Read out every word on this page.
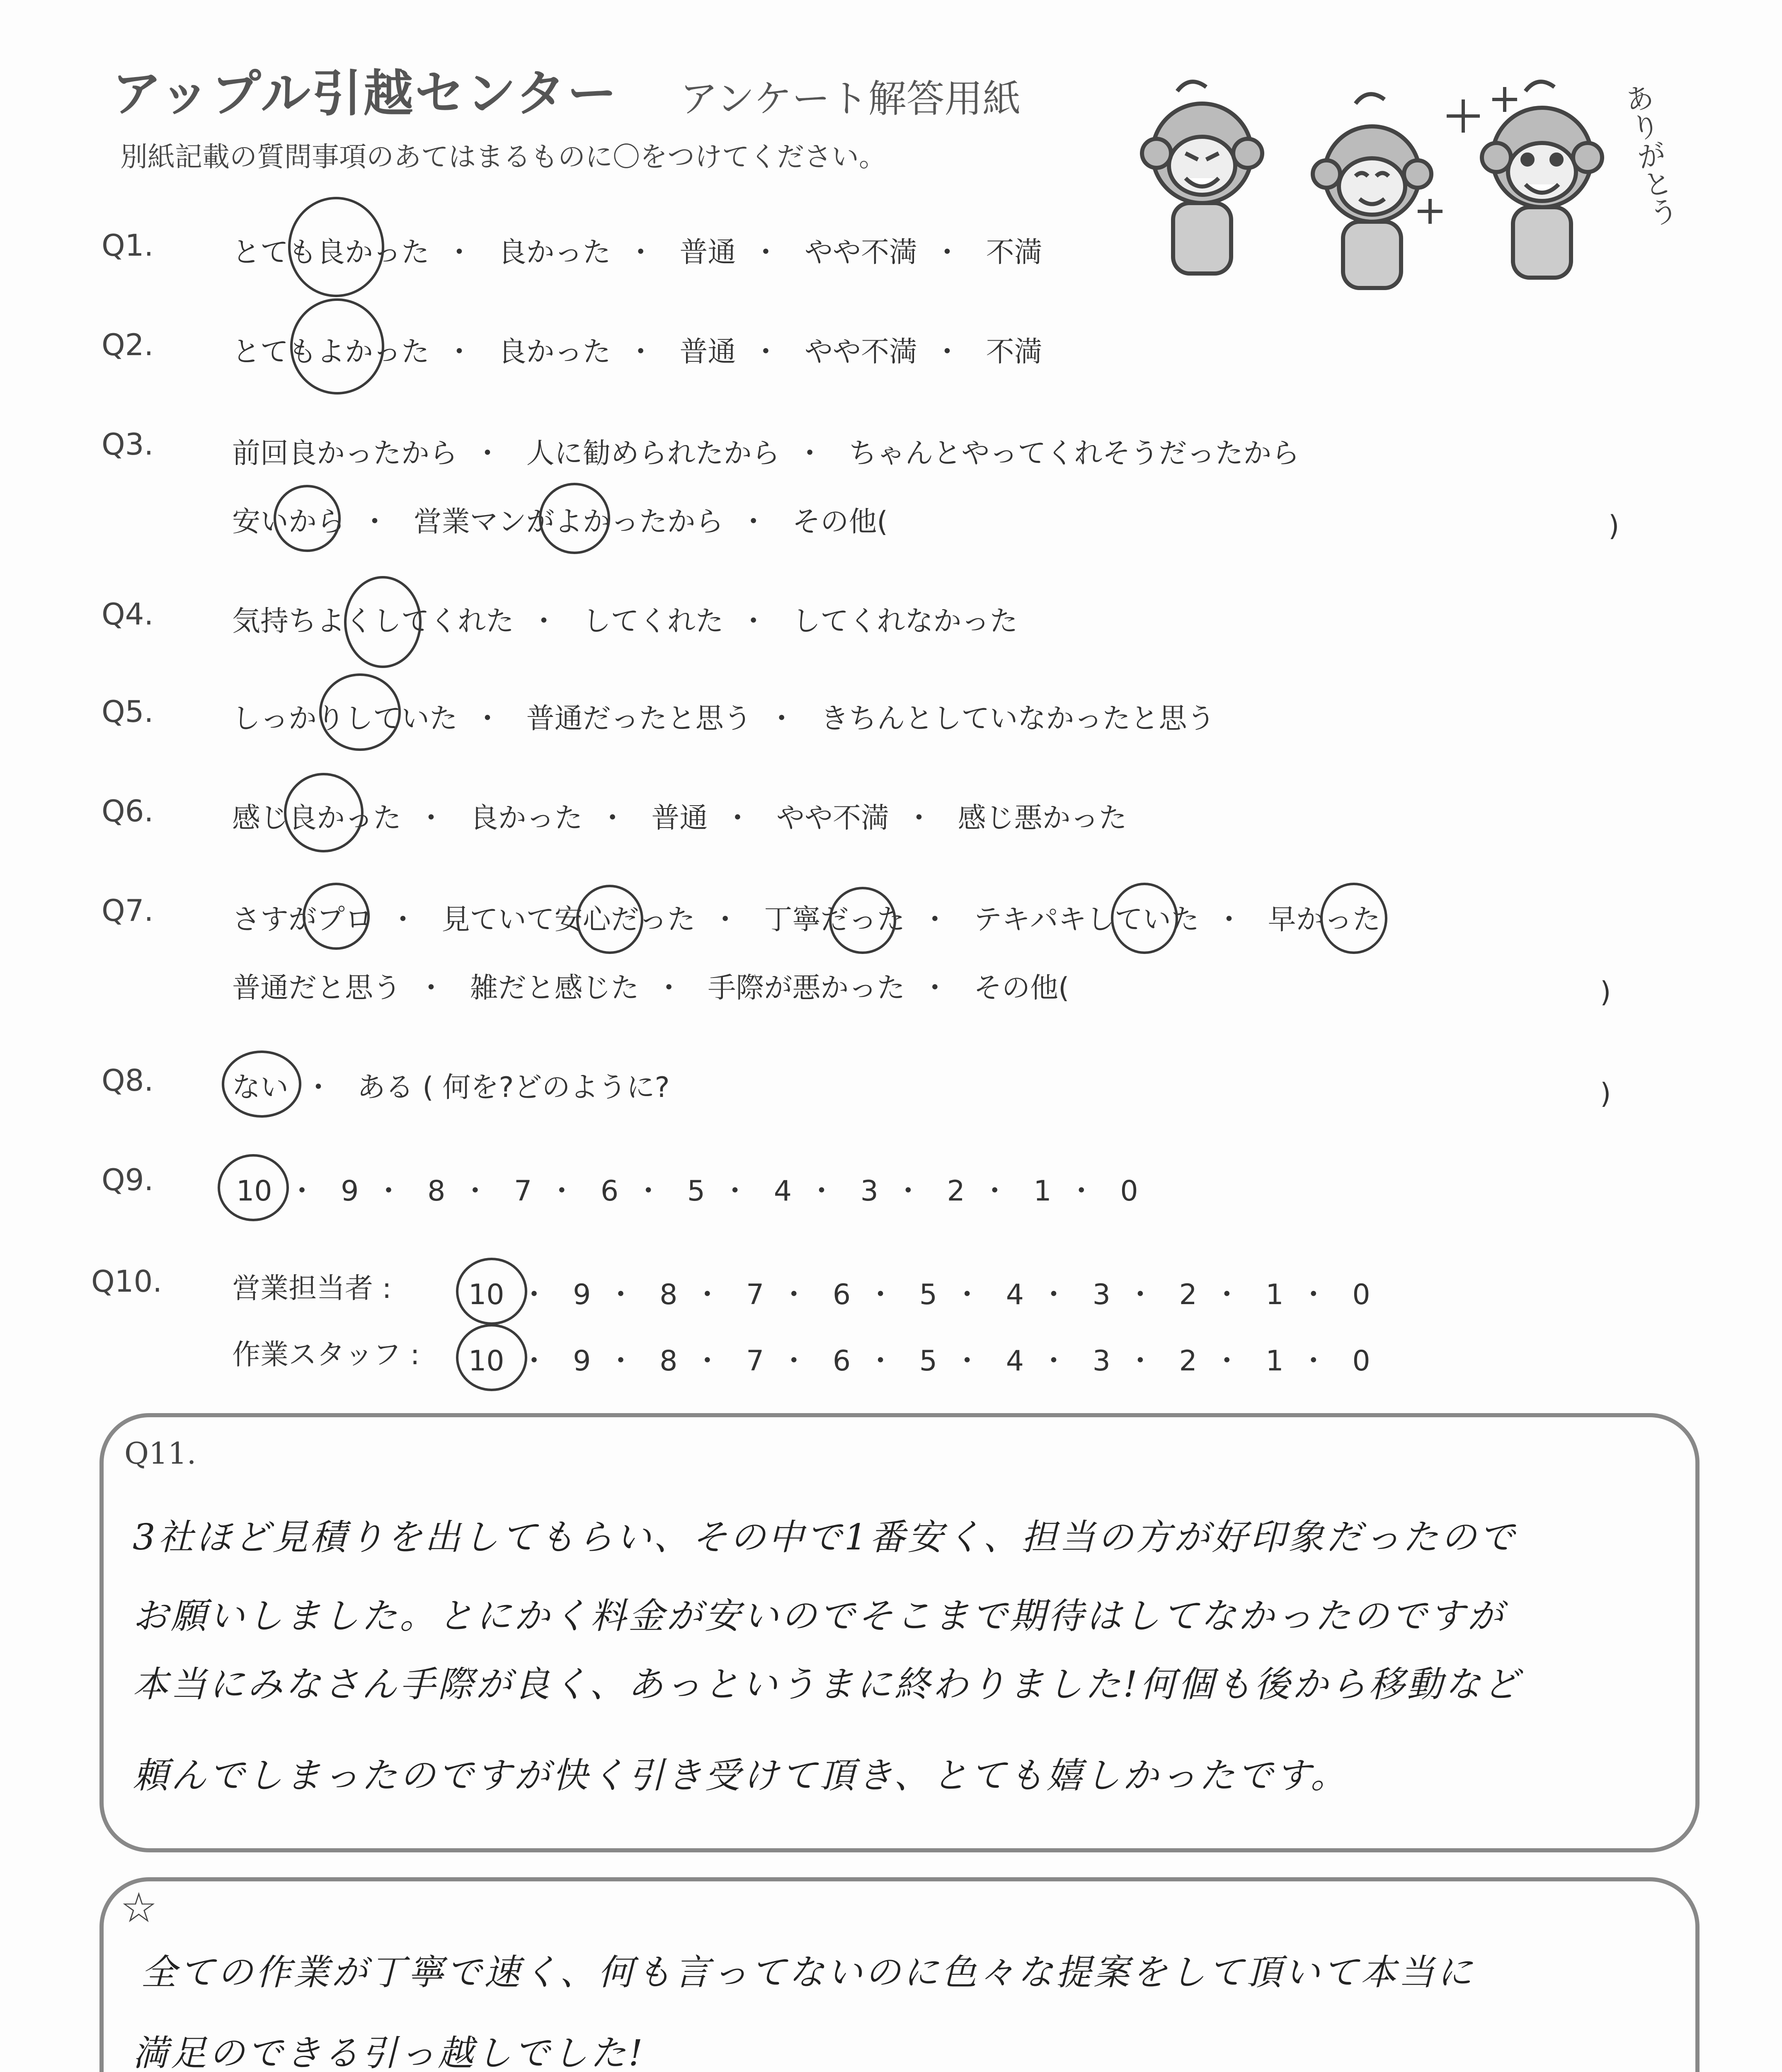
アップル引越センター アンケート解答用紙
別紙記載の質問事項のあてはまるものに〇をつけてください。	ありがとう
Q1.	とても良かった ・ 良かった ・ 普通 ・ やや不満 ・ 不満
Q2.	とてもよかった ・ 良かった ・ 普通 ・ やや不満 ・ 不満
Q3.	前回良かったから ・ 人に勧められたから ・ ちゃんとやってくれそうだったから
安いから ・ 営業マンがよかったから ・ その他(	)
Q4.	気持ちよくしてくれた ・ してくれた ・ してくれなかった
Q5.	しっかりしていた ・ 普通だったと思う ・ きちんとしていなかったと思う
Q6.	感じ良かった ・ 良かった ・ 普通 ・ やや不満 ・ 感じ悪かった
Q7.	さすがプロ ・ 見ていて安心だった ・ 丁寧だった ・ テキパキしていた ・ 早かった
普通だと思う ・ 雑だと感じた ・ 手際が悪かった ・ その他(	)
Q8.	ない ・ ある ( 何を?どのように?	)
Q9.	10 ・ 9 ・ 8 ・ 7 ・ 6 ・ 5 ・ 4 ・ 3 ・ 2 ・ 1 ・ 0
Q10. 営業担当者 :	10 ・ 9 ・ 8 ・ 7 ・ 6 ・ 5 ・ 4 ・ 3 ・ 2 ・ 1 ・ 0
作業スタッフ : 10 ・ 9 ・ 8 ・ 7 ・ 6 ・ 5 ・ 4 ・ 3 ・ 2 ・ 1 ・ 0
Q11.
3社ほど見積りを出してもらい、その中で1番安く、担当の方が好印象だったので
お願いしました。とにかく料金が安いのでそこまで期待はしてなかったのですが
本当にみなさん手際が良く、あっというまに終わりました!何個も後から移動など
頼んでしまったのですが快く引き受けて頂き、とても嬉しかったです。
☆
全ての作業が丁寧で速く、何も言ってないのに色々な提案をして頂いて本当に
満足のできる引っ越しでした!
